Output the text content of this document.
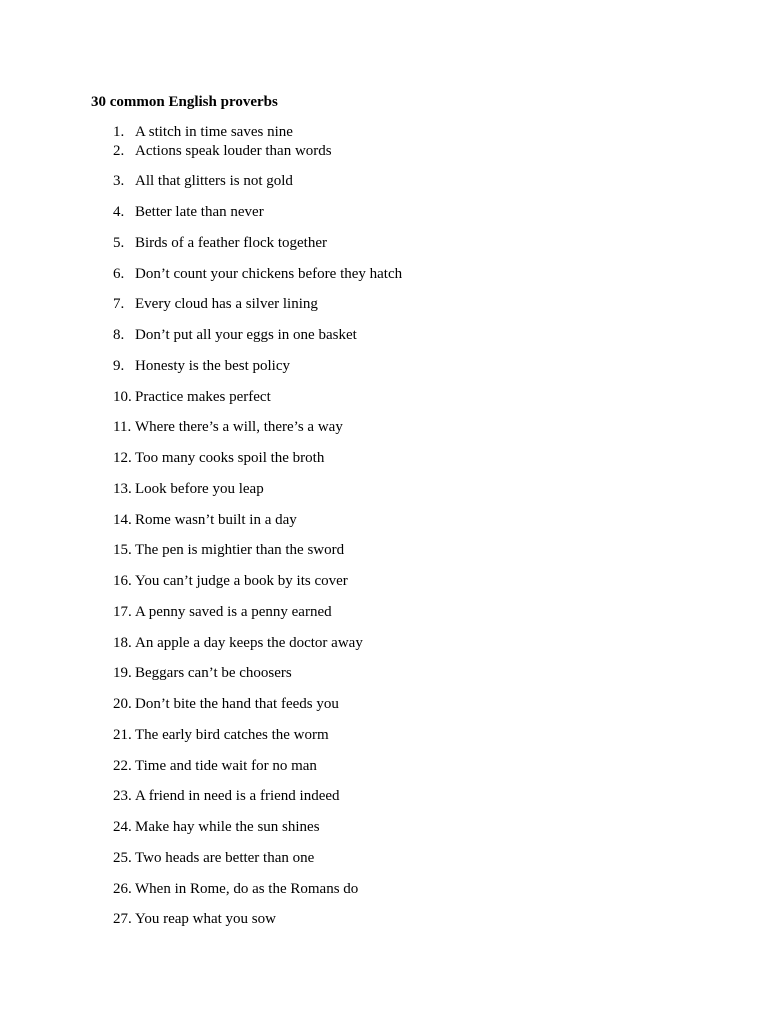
30 common English proverbs
1. A stitch in time saves nine
2. Actions speak louder than words
3. All that glitters is not gold
4. Better late than never
5. Birds of a feather flock together
6. Don’t count your chickens before they hatch
7. Every cloud has a silver lining
8. Don’t put all your eggs in one basket
9. Honesty is the best policy
10. Practice makes perfect
11. Where there’s a will, there’s a way
12. Too many cooks spoil the broth
13. Look before you leap
14. Rome wasn’t built in a day
15. The pen is mightier than the sword
16. You can’t judge a book by its cover
17. A penny saved is a penny earned
18. An apple a day keeps the doctor away
19. Beggars can’t be choosers
20. Don’t bite the hand that feeds you
21. The early bird catches the worm
22. Time and tide wait for no man
23. A friend in need is a friend indeed
24. Make hay while the sun shines
25. Two heads are better than one
26. When in Rome, do as the Romans do
27. You reap what you sow
